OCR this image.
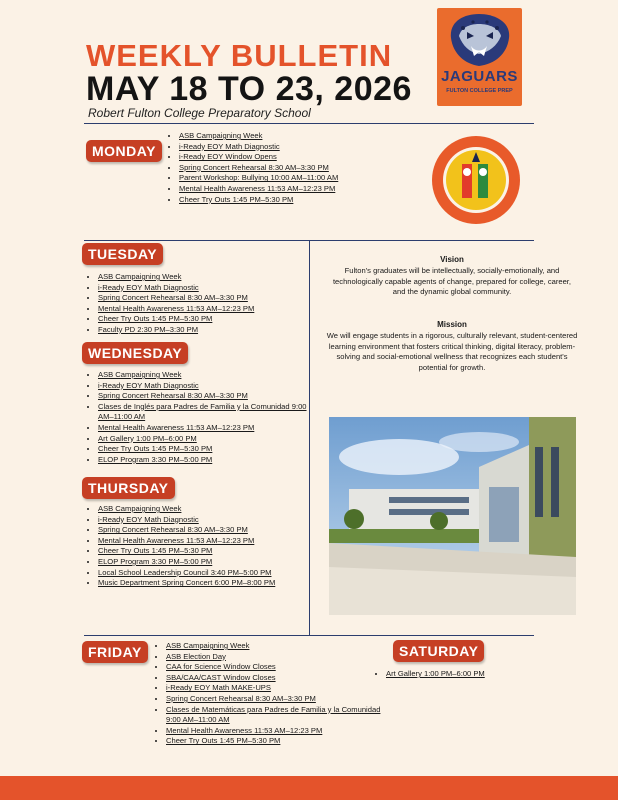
WEEKLY BULLETIN
MAY 18 TO 23, 2026
Robert Fulton College Preparatory School
JAGUARS
FULTON COLLEGE PREP
MONDAY
• ASB Campaigning Week
• i-Ready EOY Math Diagnostic
• i-Ready EOY Window Opens
• Spring Concert Rehearsal 8:30 AM–3:30 PM
• Parent Workshop: Bullying 10:00 AM–11:00 AM
• Mental Health Awareness 11:53 AM–12:23 PM
• Cheer Try Outs 1:45 PM–5:30 PM
TUESDAY
• ASB Campaigning Week
• i-Ready EOY Math Diagnostic
• Spring Concert Rehearsal 8:30 AM–3:30 PM
• Mental Health Awareness 11:53 AM–12:23 PM
• Cheer Try Outs 1:45 PM–5:30 PM
• Faculty PD 2:30 PM–3:30 PM
WEDNESDAY
• ASB Campaigning Week
• i-Ready EOY Math Diagnostic
• Spring Concert Rehearsal 8:30 AM–3:30 PM
• Clases de Inglés para Padres de Familia y la Comunidad 9:00 AM–11:00 AM
• Mental Health Awareness 11:53 AM–12:23 PM
• Art Gallery 1:00 PM–6:00 PM
• Cheer Try Outs 1:45 PM–5:30 PM
• ELOP Program 3:30 PM–5:00 PM
THURSDAY
• ASB Campaigning Week
• i-Ready EOY Math Diagnostic
• Spring Concert Rehearsal 8:30 AM–3:30 PM
• Mental Health Awareness 11:53 AM–12:23 PM
• Cheer Try Outs 1:45 PM–5:30 PM
• ELOP Program 3:30 PM–5:00 PM
• Local School Leadership Council 3:40 PM–5:00 PM
• Music Department Spring Concert 6:00 PM–8:00 PM
Vision
Fulton's graduates will be intellectually, socially-emotionally, and technologically capable agents of change, prepared for college, career, and the dynamic global community.
Mission
We will engage students in a rigorous, culturally relevant, student-centered learning environment that fosters critical thinking, digital literacy, problem-solving and social-emotional wellness that recognizes each student's potential for growth.
FRIDAY
•	ASB Campaigning Week
• ASB Election Day
• CAA for Science Window Closes
• SBA/CAA/CAST Window Closes
• i-Ready EOY Math MAKE-UPS
• Spring Concert Rehearsal 8:30 AM–3:30 PM
• Clases de Matemáticas para Padres de Familia y la Comunidad 9:00 AM–11:00 AM
• Mental Health Awareness 11:53 AM–12:23 PM
• Cheer Try Outs 1:45 PM–5:30 PM
SATURDAY
• Art Gallery 1:00 PM–6:00 PM
